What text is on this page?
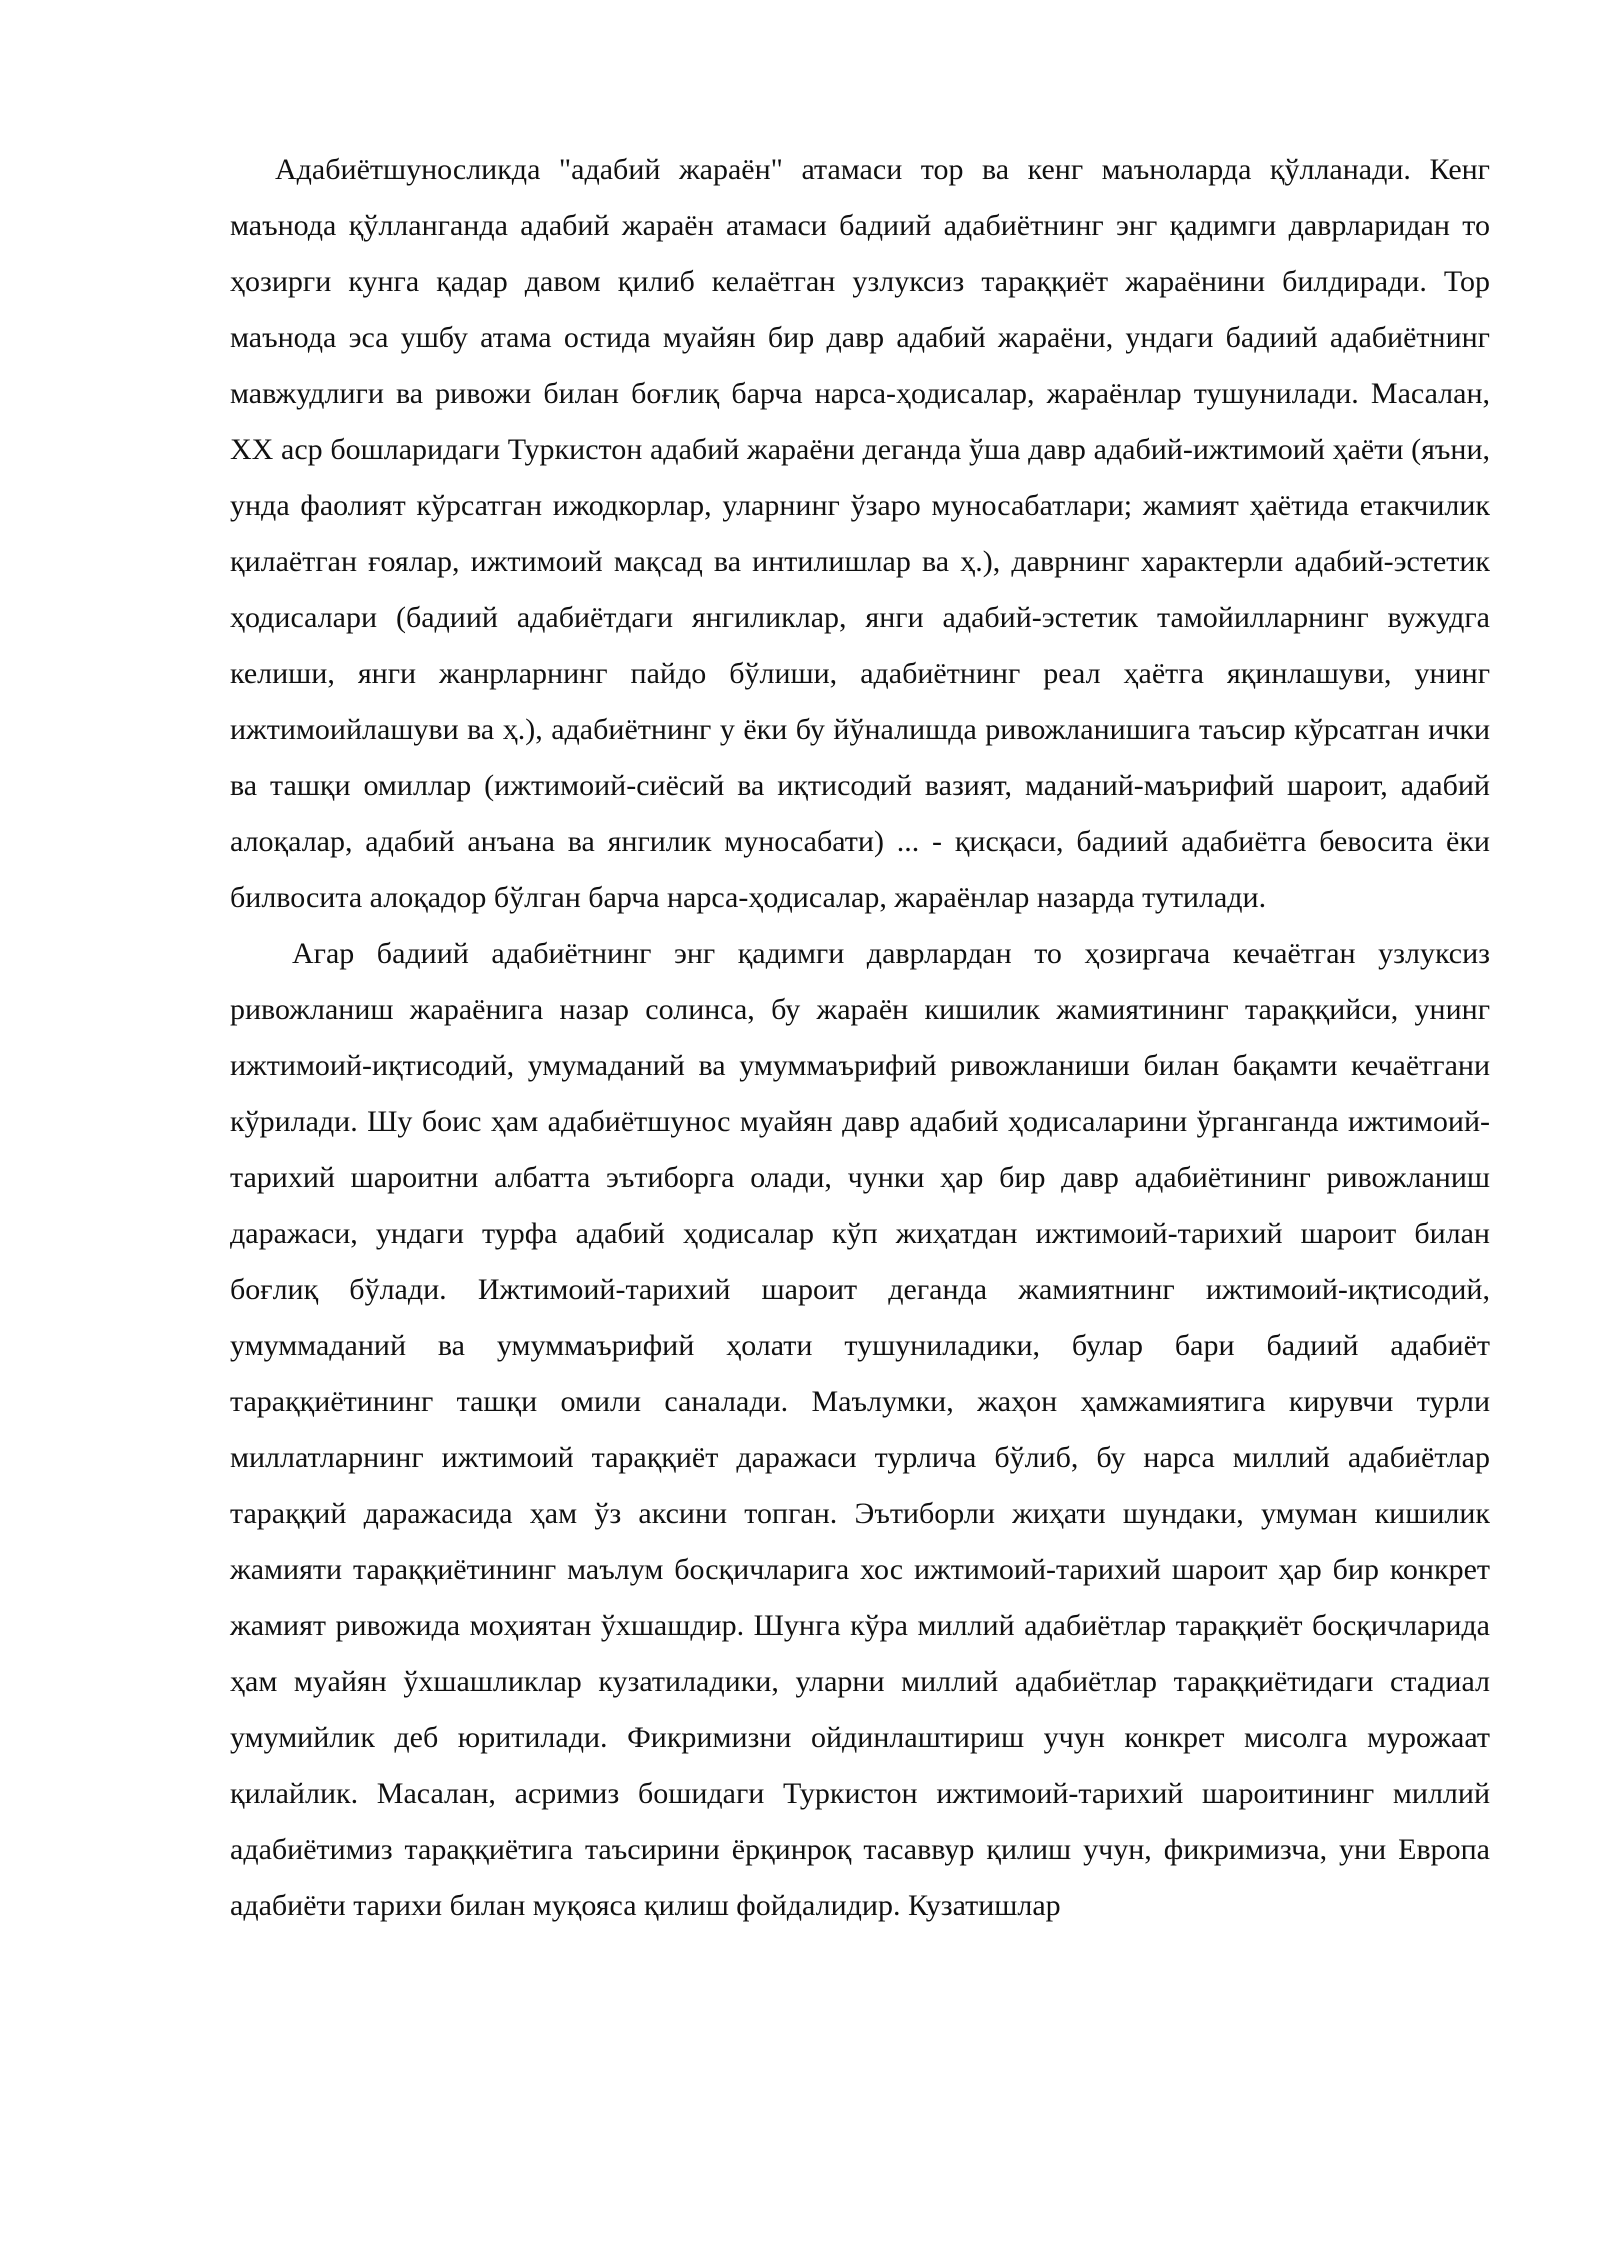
Адабиётшуносликда "адабий жараён" атамаси тор ва кенг маъноларда қўлланади. Кенг маънода қўлланганда адабий жараён атамаси бадиий адабиётнинг энг қадимги даврларидан то ҳозирги кунга қадар давом қилиб келаётган узлуксиз тараққиёт жараёнини билдиради. Тор маънода эса ушбу атама остида муайян бир давр адабий жараёни, ундаги бадиий адабиётнинг мавжудлиги ва ривожи билан боғлиқ барча нарса-ҳодисалар, жараёнлар тушунилади. Масалан, XX аср бошларидаги Туркистон адабий жараёни деганда ўша давр адабий-ижтимоий ҳаёти (яъни, унда фаолият кўрсатган ижодкорлар, уларнинг ўзаро муносабатлари; жамият ҳаётида етакчилик қилаётган ғоялар, ижтимоий мақсад ва интилишлар ва ҳ.), даврнинг характерли адабий-эстетик ҳодисалари (бадиий адабиётдаги янгиликлар, янги адабий-эстетик тамойилларнинг вужудга келиши, янги жанрларнинг пайдо бўлиши, адабиётнинг реал ҳаётга яқинлашуви, унинг ижтимоийлашуви ва ҳ.), адабиётнинг у ёки бу йўналишда ривожланишига таъсир кўрсатган ички ва ташқи омиллар (ижтимоий-сиёсий ва иқтисодий вазият, маданий-маърифий шароит, адабий алоқалар, адабий анъана ва янгилик муносабати) ... - қисқаси, бадиий адабиётга бевосита ёки билвосита алоқадор бўлган барча нарса-ҳодисалар, жараёнлар назарда тутилади.

Агар бадиий адабиётнинг энг қадимги даврлардан то ҳозиргача кечаётган узлуксиз ривожланиш жараёнига назар солинса, бу жараён кишилик жамиятининг тараққийси, унинг ижтимоий-иқтисодий, умумаданий ва умуммаърифий ривожланиши билан бақамти кечаётгани кўрилади. Шу боис ҳам адабиётшунос муайян давр адабий ҳодисаларини ўрганганда ижтимоий-тарихий шароитни албатта эътиборга олади, чунки ҳар бир давр адабиётининг ривожланиш даражаси, ундаги турфа адабий ҳодисалар кўп жиҳатдан ижтимоий-тарихий шароит билан боғлиқ бўлади. Ижтимоий-тарихий шароит деганда жамиятнинг ижтимоий-иқтисодий, умуммаданий ва умуммаърифий ҳолати тушуниладики, булар бари бадиий адабиёт тараққиётининг ташқи омили саналади. Маълумки, жаҳон ҳамжамиятига кирувчи турли миллатларнинг ижтимоий тараққиёт даражаси турлича бўлиб, бу нарса миллий адабиётлар тараққий даражасида ҳам ўз аксини топган. Эътиборли жиҳати шундаки, умуман кишилик жамияти тараққиётининг маълум босқичларига хос ижтимоий-тарихий шароит ҳар бир конкрет жамият ривожида моҳиятан ўхшашдир. Шунга кўра миллий адабиётлар тараққиёт босқичларида ҳам муайян ўхшашликлар кузатиладики, уларни миллий адабиётлар тараққиётидаги стадиал умумийлик деб юритилади. Фикримизни ойдинлаштириш учун конкрет мисолга мурожаат қилайлик. Масалан, асримиз бошидаги Туркистон ижтимоий-тарихий шароитининг миллий адабиётимиз тараққиётига таъсирини ёрқинроқ тасаввур қилиш учун, фикримизча, уни Европа адабиёти тарихи билан муқояса қилиш фойдалидир. Кузатишлар
